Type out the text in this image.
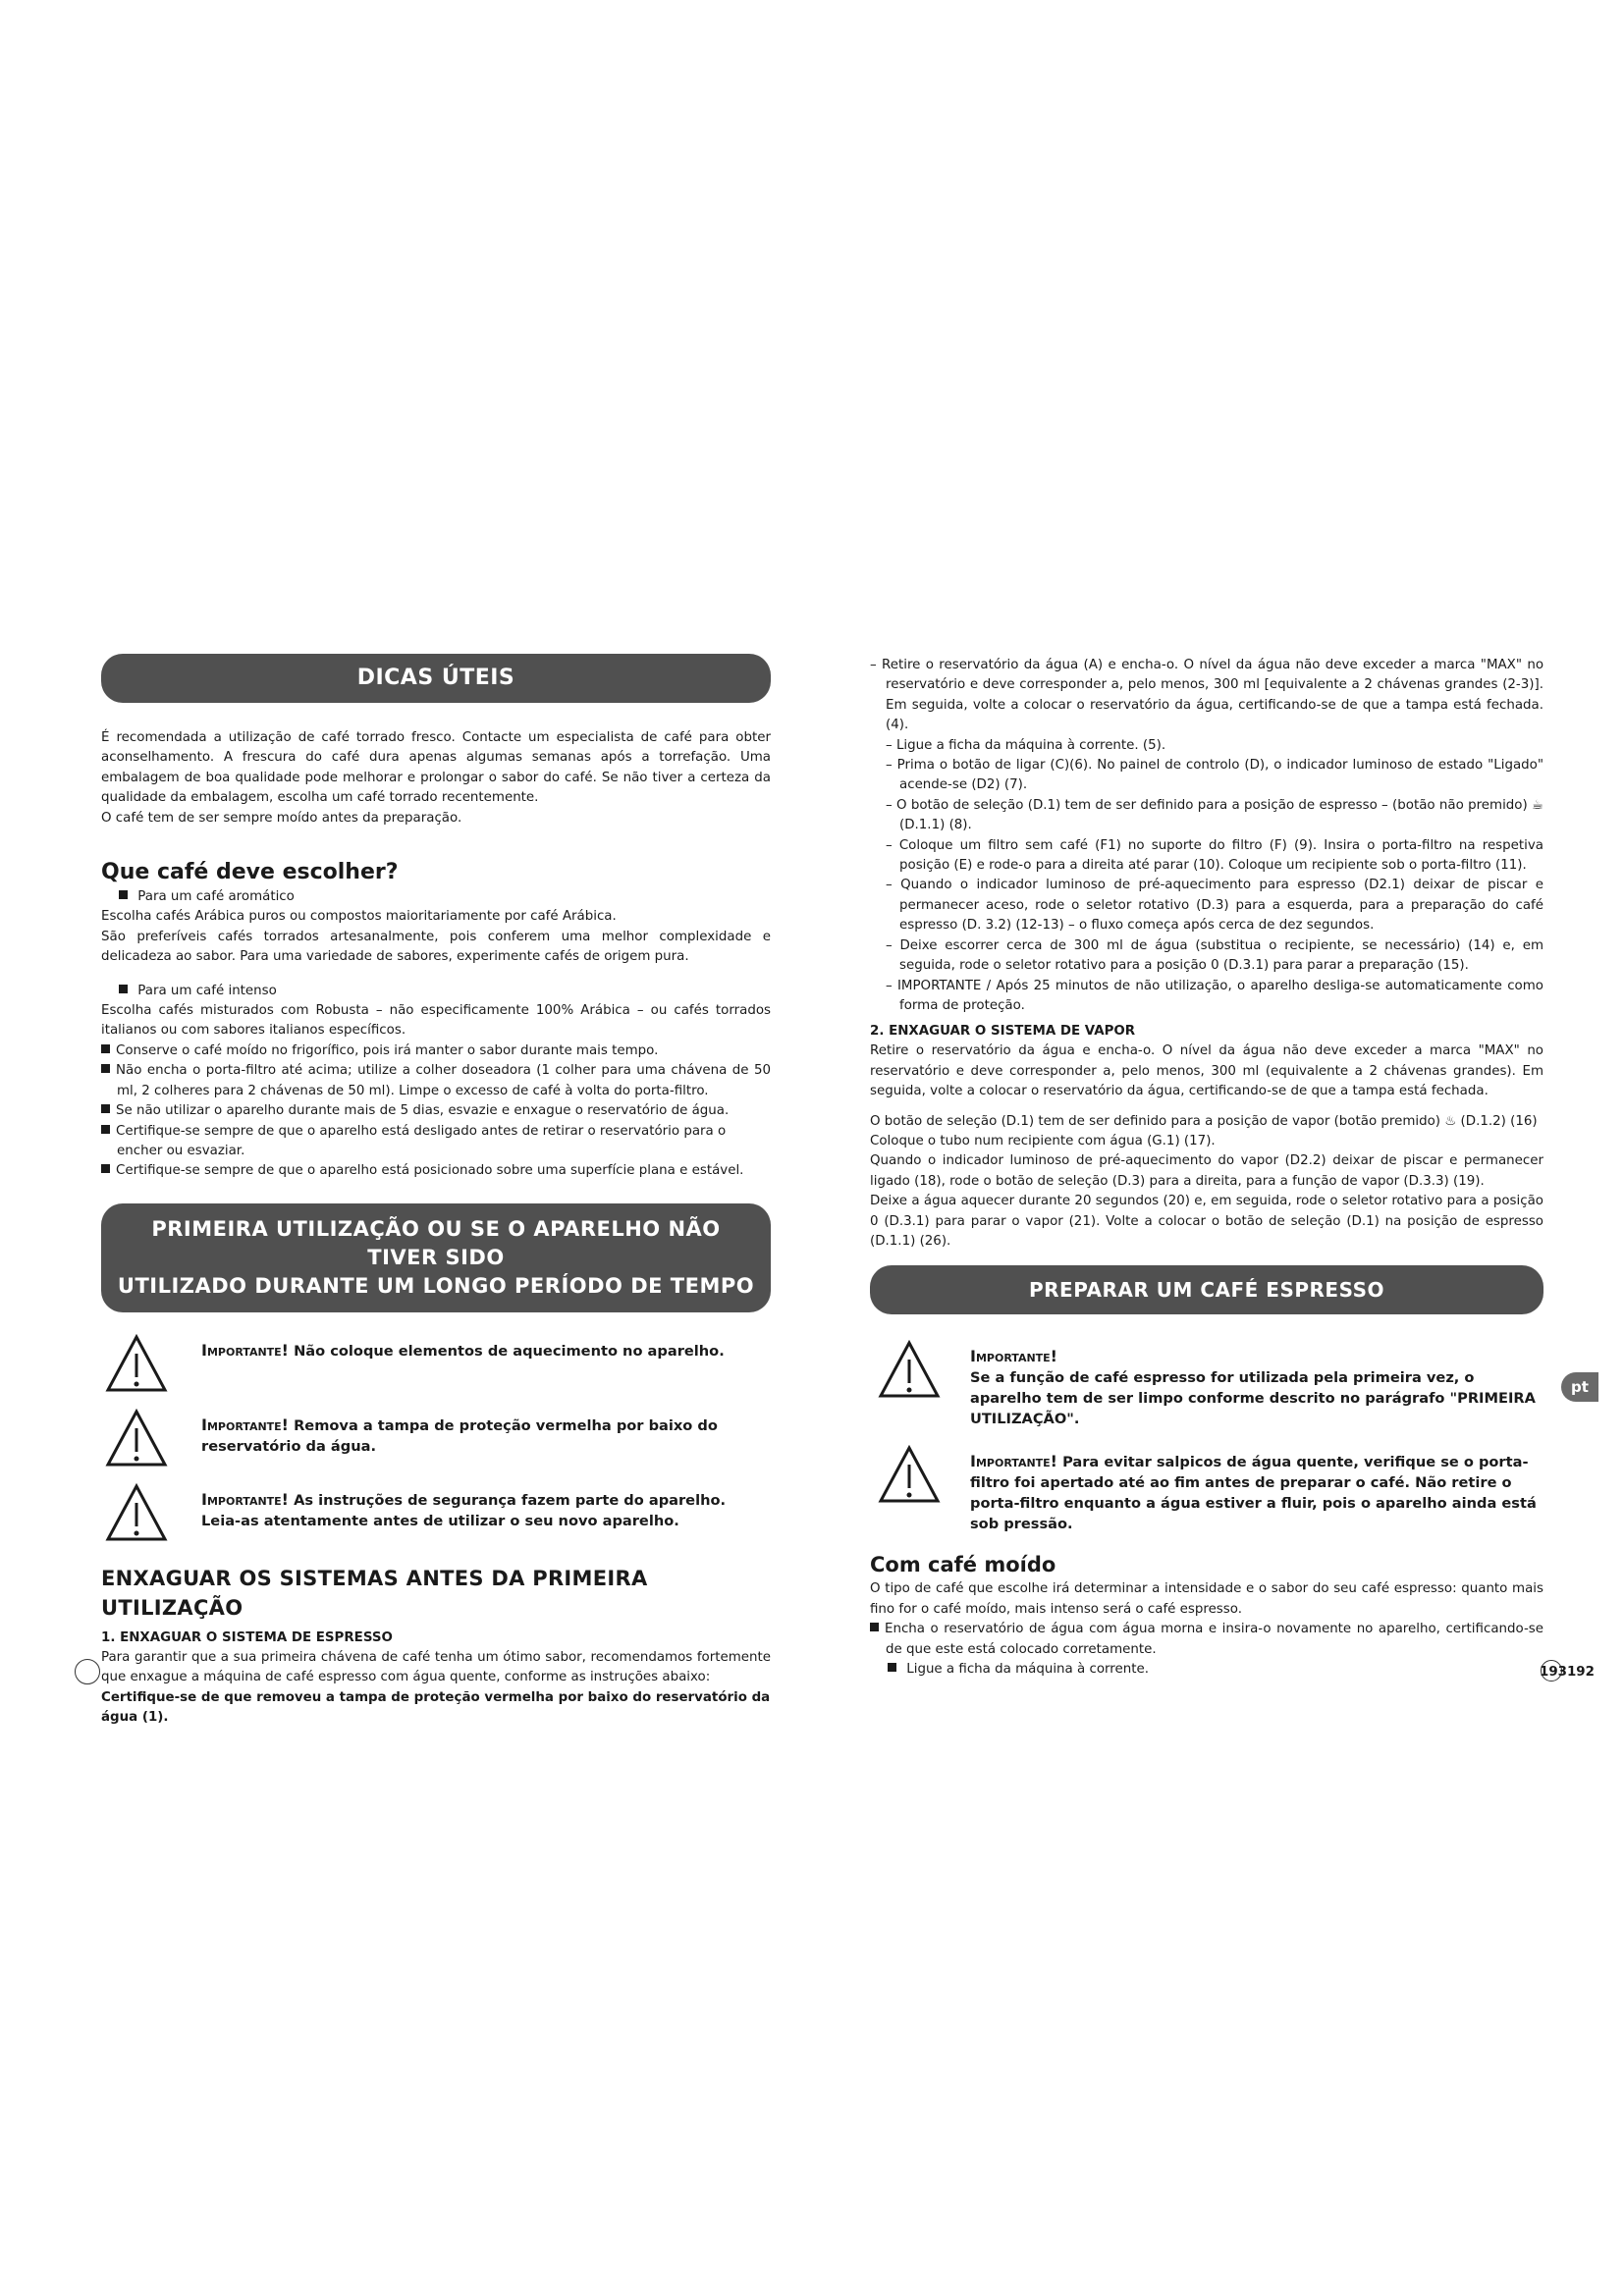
DICAS ÚTEIS

É recomendada a utilização de café torrado fresco. Contacte um especialista de café para obter aconselhamento. A frescura do café dura apenas algumas semanas após a torrefação. Uma embalagem de boa qualidade pode melhorar e prolongar o sabor do café. Se não tiver a certeza da qualidade da embalagem, escolha um café torrado recentemente.

O café tem de ser sempre moído antes da preparação.

Que café deve escolher?

Para um café aromático

Escolha cafés Arábica puros ou compostos maioritariamente por café Arábica.

São preferíveis cafés torrados artesanalmente, pois conferem uma melhor complexidade e delicadeza ao sabor. Para uma variedade de sabores, experimente cafés de origem pura.

Para um café intenso

Escolha cafés misturados com Robusta – não especificamente 100% Arábica – ou cafés torrados italianos ou com sabores italianos específicos.

Conserve o café moído no frigorífico, pois irá manter o sabor durante mais tempo.

Não encha o porta-filtro até acima; utilize a colher doseadora (1 colher para uma chávena de 50 ml, 2 colheres para 2 chávenas de 50 ml). Limpe o excesso de café à volta do porta-filtro.

Se não utilizar o aparelho durante mais de 5 dias, esvazie e enxague o reservatório de água.

Certifique-se sempre de que o aparelho está desligado antes de retirar o reservatório para o encher ou esvaziar.

Certifique-se sempre de que o aparelho está posicionado sobre uma superfície plana e estável.

PRIMEIRA UTILIZAÇÃO OU SE O APARELHO NÃO TIVER SIDO
UTILIZADO DURANTE UM LONGO PERÍODO DE TEMPO
Importante! Não coloque elementos de aquecimento no aparelho.
Importante! Remova a tampa de proteção vermelha por baixo do reservatório da água.
Importante! As instruções de segurança fazem parte do aparelho.
Leia-as atentamente antes de utilizar o seu novo aparelho.
ENXAGUAR OS SISTEMAS ANTES DA PRIMEIRA UTILIZAÇÃO

1. ENXAGUAR O SISTEMA DE ESPRESSO

Para garantir que a sua primeira chávena de café tenha um ótimo sabor, recomendamos fortemente que enxague a máquina de café espresso com água quente, conforme as instruções abaixo:

Certifique-se de que removeu a tampa de proteção vermelha por baixo do reservatório da água (1).

– Retire o reservatório da água (A) e encha-o. O nível da água não deve exceder a marca "MAX" no reservatório e deve corresponder a, pelo menos, 300 ml [equivalente a 2 chávenas grandes (2-3)]. Em seguida, volte a colocar o reservatório da água, certificando-se de que a tampa está fechada. (4).

– Ligue a ficha da máquina à corrente. (5).

– Prima o botão de ligar (C)(6). No painel de controlo (D), o indicador luminoso de estado "Ligado" acende-se (D2) (7).

– O botão de seleção (D.1) tem de ser definido para a posição de espresso – (botão não premido) ☕ (D.1.1) (8).

– Coloque um filtro sem café (F1) no suporte do filtro (F) (9). Insira o porta-filtro na respetiva posição (E) e rode-o para a direita até parar (10). Coloque um recipiente sob o porta-filtro (11).

– Quando o indicador luminoso de pré-aquecimento para espresso (D2.1) deixar de piscar e permanecer aceso, rode o seletor rotativo (D.3) para a esquerda, para a preparação do café espresso (D. 3.2) (12-13) – o fluxo começa após cerca de dez segundos.

– Deixe escorrer cerca de 300 ml de água (substitua o recipiente, se necessário) (14) e, em seguida, rode o seletor rotativo para a posição 0 (D.3.1) para parar a preparação (15).

– IMPORTANTE / Após 25 minutos de não utilização, o aparelho desliga-se automaticamente como forma de proteção.

2. ENXAGUAR O SISTEMA DE VAPOR

Retire o reservatório da água e encha-o. O nível da água não deve exceder a marca "MAX" no reservatório e deve corresponder a, pelo menos, 300 ml (equivalente a 2 chávenas grandes). Em seguida, volte a colocar o reservatório da água, certificando-se de que a tampa está fechada.

O botão de seleção (D.1) tem de ser definido para a posição de vapor (botão premido) ♨ (D.1.2) (16)

Coloque o tubo num recipiente com água (G.1) (17).

Quando o indicador luminoso de pré-aquecimento do vapor (D2.2) deixar de piscar e permanecer ligado (18), rode o botão de seleção (D.3) para a direita, para a função de vapor (D.3.3) (19).

Deixe a água aquecer durante 20 segundos (20) e, em seguida, rode o seletor rotativo para a posição 0 (D.3.1) para parar o vapor (21). Volte a colocar o botão de seleção (D.1) na posição de espresso (D.1.1) (26).

PREPARAR UM CAFÉ ESPRESSO
Importante!
Se a função de café espresso for utilizada pela primeira vez, o aparelho tem de ser limpo conforme descrito no parágrafo "PRIMEIRA UTILIZAÇÃO".
Importante! Para evitar salpicos de água quente, verifique se o porta-filtro foi apertado até ao fim antes de preparar o café. Não retire o porta-filtro enquanto a água estiver a fluir, pois o aparelho ainda está sob pressão.
Com café moído

O tipo de café que escolhe irá determinar a intensidade e o sabor do seu café espresso: quanto mais fino for o café moído, mais intenso será o café espresso.

Encha o reservatório de água com água morna e insira-o novamente no aparelho, certificando-se de que este está colocado corretamente.

Ligue a ficha da máquina à corrente.

pt
193192
